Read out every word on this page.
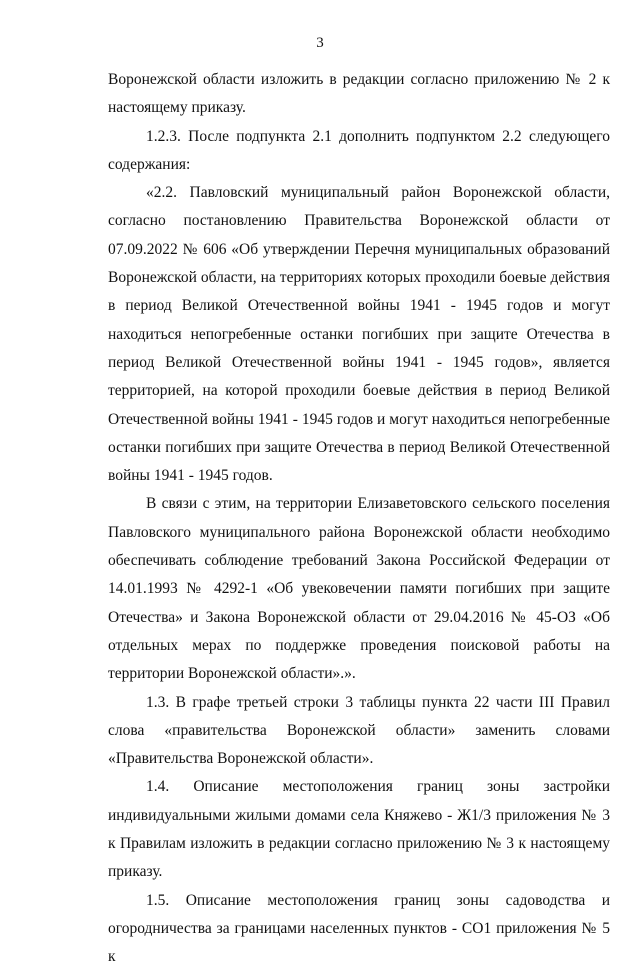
3

Воронежской области изложить в редакции согласно приложению № 2 к настоящему приказу.

1.2.3. После подпункта 2.1 дополнить подпунктом 2.2 следующего содержания:

«2.2. Павловский муниципальный район Воронежской области, согласно постановлению Правительства Воронежской области от 07.09.2022 № 606 «Об утверждении Перечня муниципальных образований Воронежской области, на территориях которых проходили боевые действия в период Великой Отечественной войны 1941 - 1945 годов и могут находиться непогребенные останки погибших при защите Отечества в период Великой Отечественной войны 1941 - 1945 годов», является территорией, на которой проходили боевые действия в период Великой Отечественной войны 1941 - 1945 годов и могут находиться непогребенные останки погибших при защите Отечества в период Великой Отечественной войны 1941 - 1945 годов.

В связи с этим, на территории Елизаветовского сельского поселения Павловского муниципального района Воронежской области необходимо обеспечивать соблюдение требований Закона Российской Федерации от 14.01.1993 № 4292-1 «Об увековечении памяти погибших при защите Отечества» и Закона Воронежской области от 29.04.2016 № 45-ОЗ «Об отдельных мерах по поддержке проведения поисковой работы на территории Воронежской области».».

1.3. В графе третьей строки 3 таблицы пункта 22 части III Правил слова «правительства Воронежской области» заменить словами «Правительства Воронежской области».

1.4. Описание местоположения границ зоны застройки индивидуальными жилыми домами села Княжево - Ж1/3 приложения № 3 к Правилам изложить в редакции согласно приложению № 3 к настоящему приказу.

1.5. Описание местоположения границ зоны садоводства и огородничества за границами населенных пунктов - СО1 приложения № 5 к
